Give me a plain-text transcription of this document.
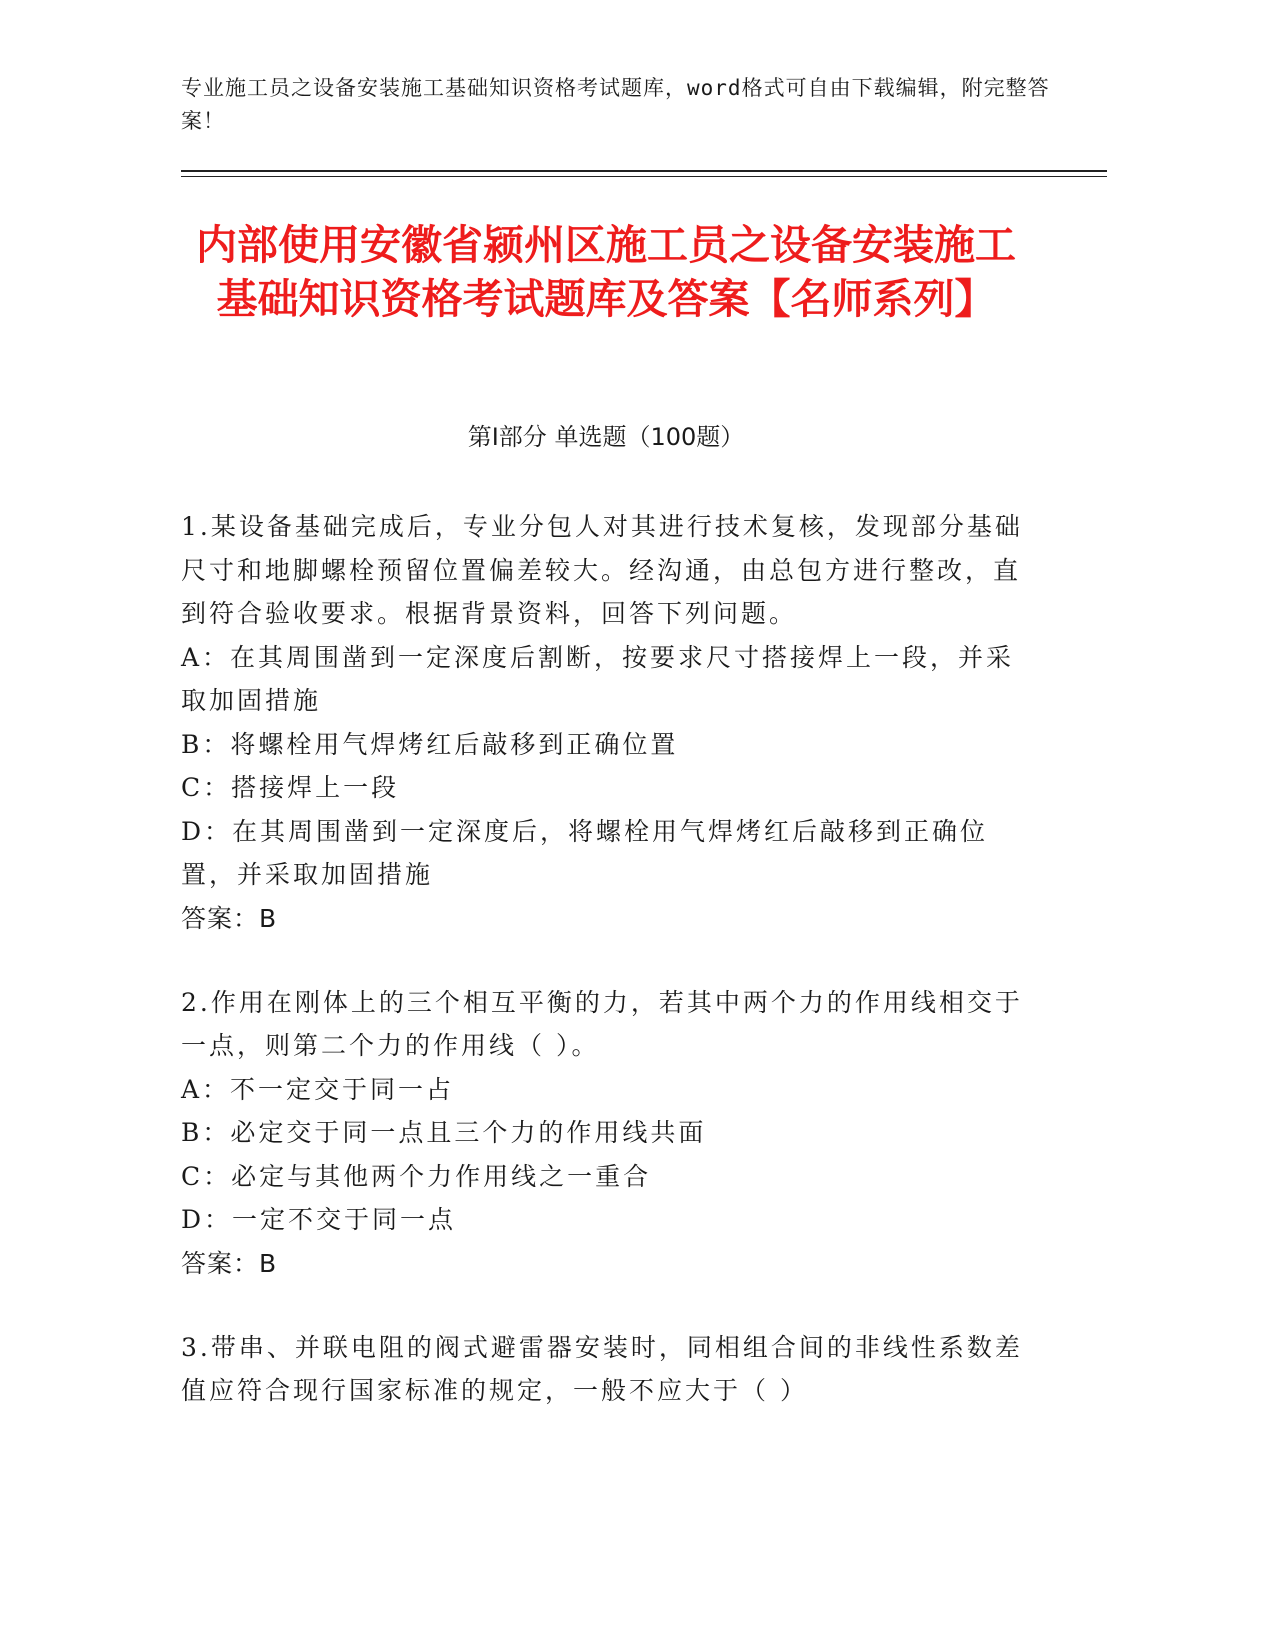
专业施工员之设备安装施工基础知识资格考试题库，word格式可自由下载编辑，附完整答案！
内部使用安徽省颍州区施工员之设备安装施工基础知识资格考试题库及答案【名师系列】
第I部分 单选题（100题）
1.某设备基础完成后，专业分包人对其进行技术复核，发现部分基础尺寸和地脚螺栓预留位置偏差较大。经沟通，由总包方进行整改，直到符合验收要求。根据背景资料，回答下列问题。
A：在其周围凿到一定深度后割断，按要求尺寸搭接焊上一段，并采取加固措施
B：将螺栓用气焊烤红后敲移到正确位置
C：搭接焊上一段
D：在其周围凿到一定深度后，将螺栓用气焊烤红后敲移到正确位置，并采取加固措施
答案：B
2.作用在刚体上的三个相互平衡的力，若其中两个力的作用线相交于一点，则第二个力的作用线（ ）。
A：不一定交于同一占
B：必定交于同一点且三个力的作用线共面
C：必定与其他两个力作用线之一重合
D：一定不交于同一点
答案：B
3.带串、并联电阻的阀式避雷器安装时，同相组合间的非线性系数差值应符合现行国家标准的规定，一般不应大于（ ）
